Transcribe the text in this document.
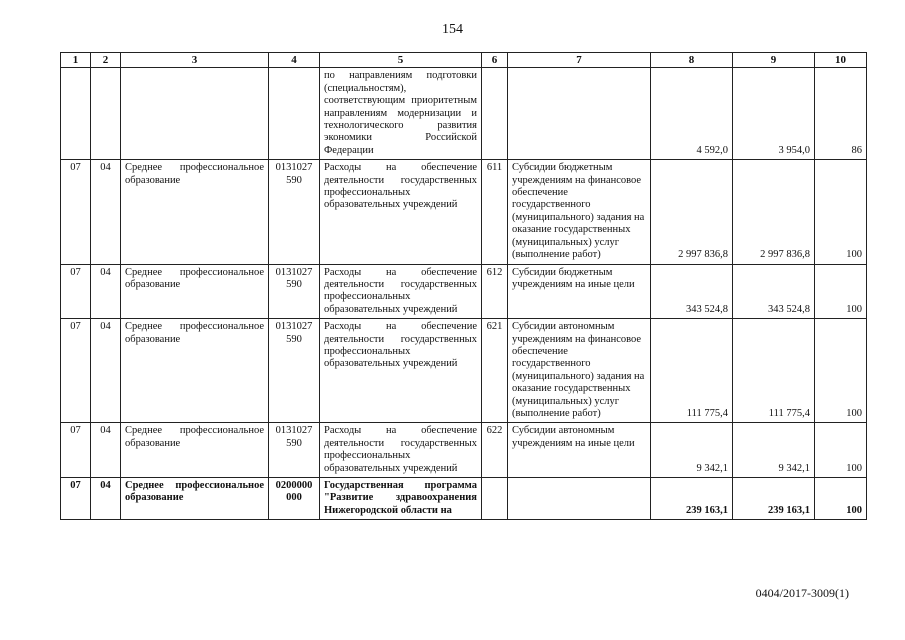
154
1	2	3	4	5	6	7	8	9	10
				по направлениям подготовки (специальностям), соответствующим приоритетным направлениям модернизации и технологического развития экономики Российской Федерации			4 592,0	3 954,0	86
07	04	Среднее профессиональное образование	0131027 590	Расходы на обеспечение деятельности государственных профессиональных образовательных учреждений	611	Субсидии бюджетным учреждениям на финансовое обеспечение государственного (муниципального) задания на оказание государственных (муниципальных) услуг (выполнение работ)	2 997 836,8	2 997 836,8	100
07	04	Среднее профессиональное образование	0131027 590	Расходы на обеспечение деятельности государственных профессиональных образовательных учреждений	612	Субсидии бюджетным учреждениям на иные цели	343 524,8	343 524,8	100
07	04	Среднее профессиональное образование	0131027 590	Расходы на обеспечение деятельности государственных профессиональных образовательных учреждений	621	Субсидии автономным учреждениям на финансовое обеспечение государственного (муниципального) задания на оказание государственных (муниципальных) услуг (выполнение работ)	111 775,4	111 775,4	100
07	04	Среднее профессиональное образование	0131027 590	Расходы на обеспечение деятельности государственных профессиональных образовательных учреждений	622	Субсидии автономным учреждениям на иные цели	9 342,1	9 342,1	100
07	04	Среднее профессиональное образование	0200000 000	Государственная программа "Развитие здравоохранения Нижегородской области на			239 163,1	239 163,1	100
0404/2017-3009(1)
